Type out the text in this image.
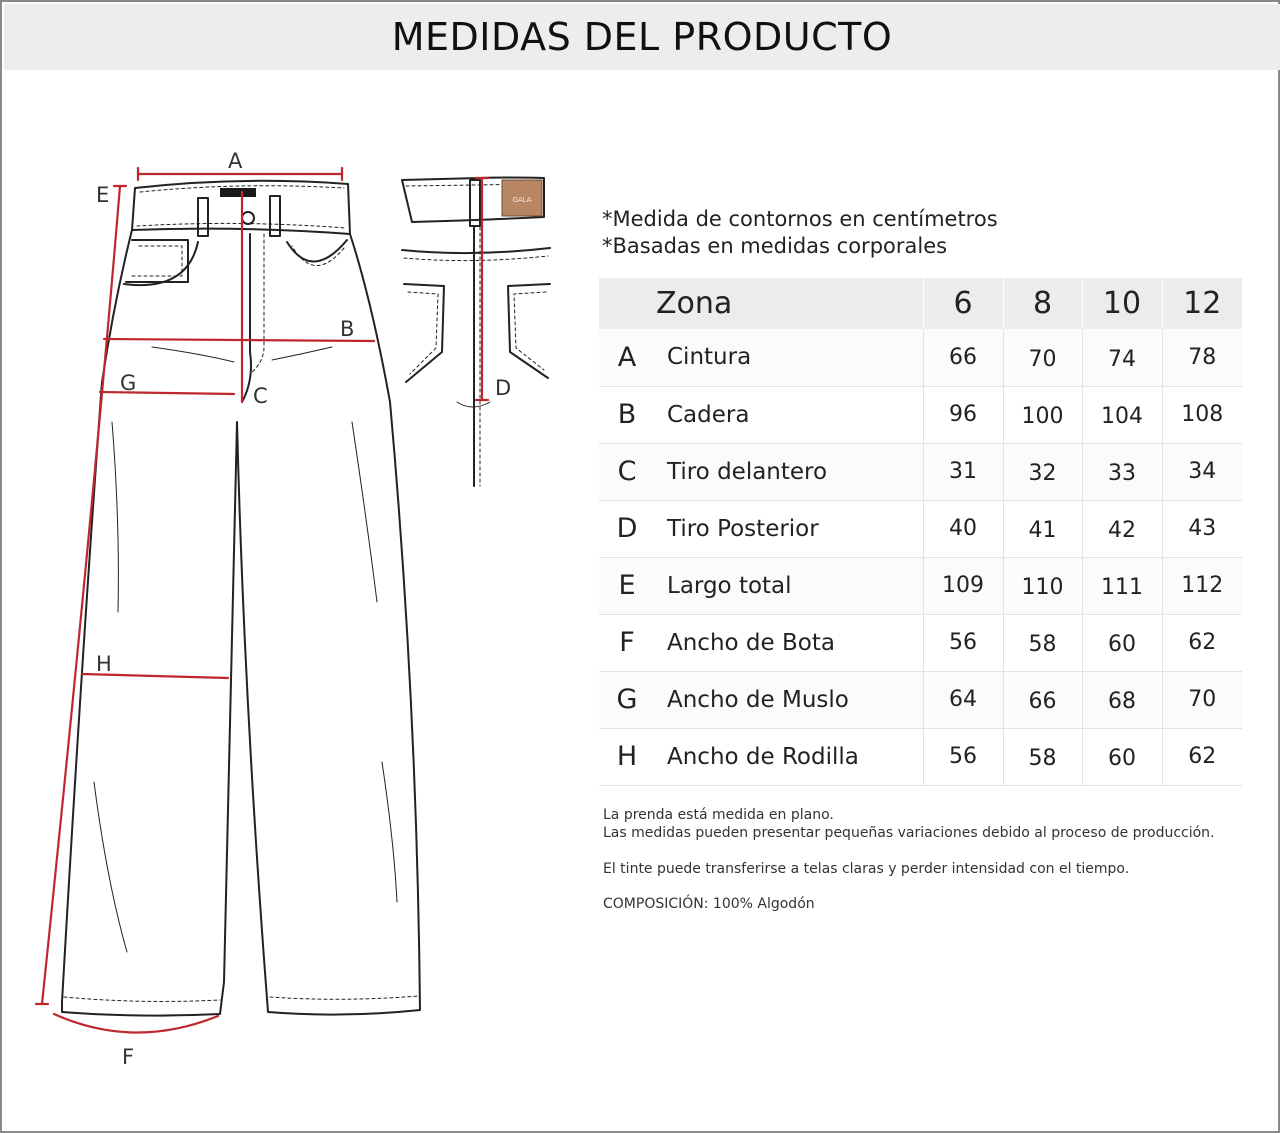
MEDIDAS DEL PRODUCTO
GALA
A
B
C	D
E
F
G
H
*Medida de contornos en centímetros
*Basadas en medidas corporales
Zona		6	8	10	12
A	Cintura	66	70	74	78
B	Cadera	96	100	104	108
C	Tiro delantero	31	32	33	34
D	Tiro Posterior	40	41	42	43
E	Largo total	109	110	111	112
F	Ancho de Bota	56	58	60	62
G	Ancho de Muslo	64	66	68	70
H	Ancho de Rodilla	56	58	60	62
La prenda está medida en plano.
Las medidas pueden presentar pequeñas variaciones debido al proceso de producción.
El tinte puede transferirse a telas claras y perder intensidad con el tiempo.
COMPOSICIÓN: 100% Algodón
